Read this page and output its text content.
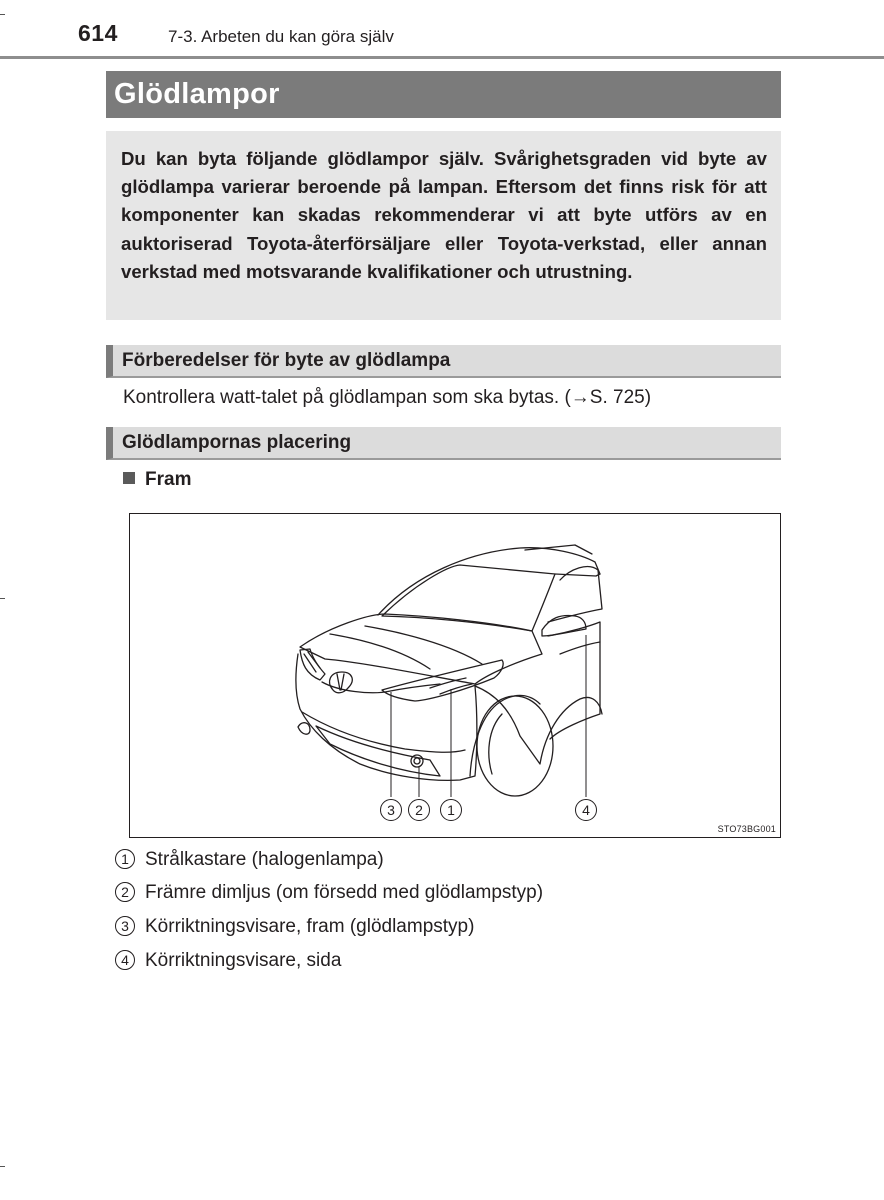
614	7-3. Arbeten du kan göra själv
Glödlampor

Du kan byta följande glödlampor själv. Svårighetsgraden vid byte av glödlampa varierar beroende på lampan. Eftersom det finns risk för att komponenter kan skadas rekommenderar vi att byte utförs av en auktoriserad Toyota-återförsäljare eller Toyota-verkstad, eller annan verkstad med motsvarande kvalifikationer och utrustning.

Förberedelser för byte av glödlampa
Kontrollera watt-talet på glödlampan som ska bytas. (→S. 725)
Glödlampornas placering
Fram
3	2	1	4
STO73BG001
1 Strålkastare (halogenlampa)
2 Främre dimljus (om försedd med glödlampstyp)
3 Körriktningsvisare, fram (glödlampstyp)
4 Körriktningsvisare, sida
